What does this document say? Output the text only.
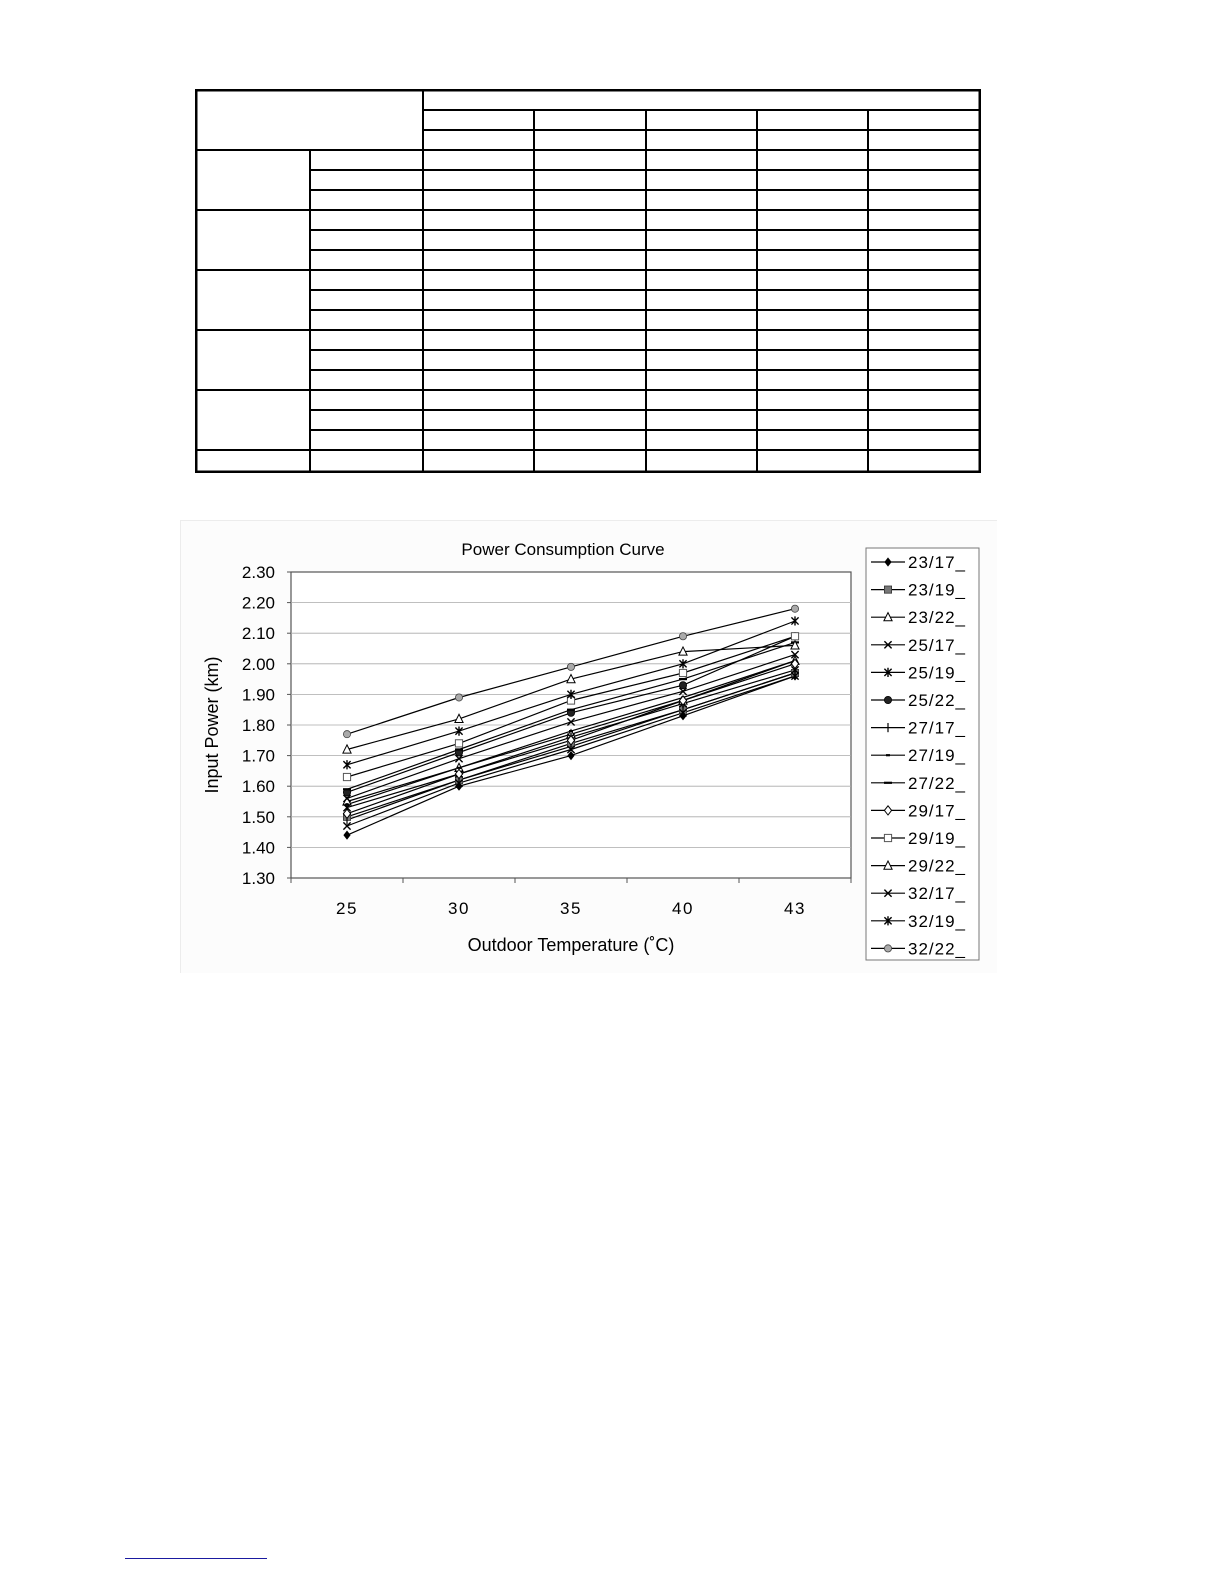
Power Consumption Curve
1.30
1.40
1.50
1.60
1.70
1.80
1.90
2.00
2.10
2.20
2.30
25	30	35	40	43
Input Power (km)
Outdoor Temperature (˚C)
23/17_
23/19_
23/22_
25/17_
25/19_
25/22_
27/17_
27/19_
27/22_
29/17_
29/19_
29/22_
32/17_
32/19_
32/22_
